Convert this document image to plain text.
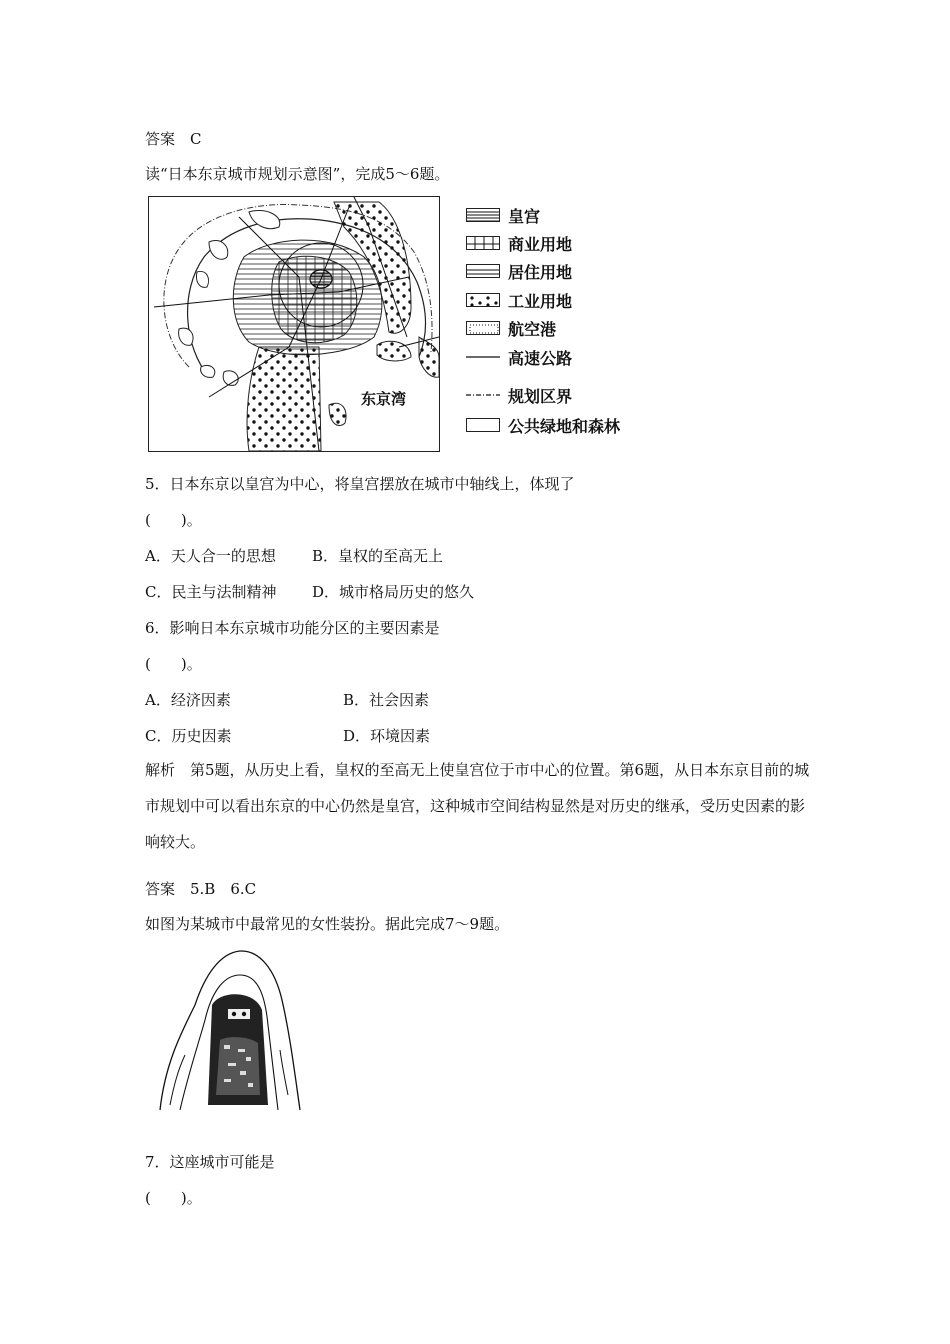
答案　C
读“日本东京城市规划示意图”，完成5～6题。
东京湾
皇宫
商业用地
居住用地
工业用地
航空港
高速公路
规划区界
公共绿地和森林
5．日本东京以皇宫为中心，将皇宫摆放在城市中轴线上，体现了
(　　)。
A．天人合一的思想 B．皇权的至高无上
C．民主与法制精神 D．城市格局历史的悠久
6．影响日本东京城市功能分区的主要因素是
(　　)。
A．经济因素	B．社会因素
C．历史因素	D．环境因素
解析　第5题，从历史上看，皇权的至高无上使皇宫位于市中心的位置。第6题，从日本东京目前的城市规划中可以看出东京的中心仍然是皇宫，这种城市空间结构显然是对历史的继承，受历史因素的影响较大。
答案　5.B　6.C
如图为某城市中最常见的女性装扮。据此完成7～9题。
7．这座城市可能是
(　　)。
